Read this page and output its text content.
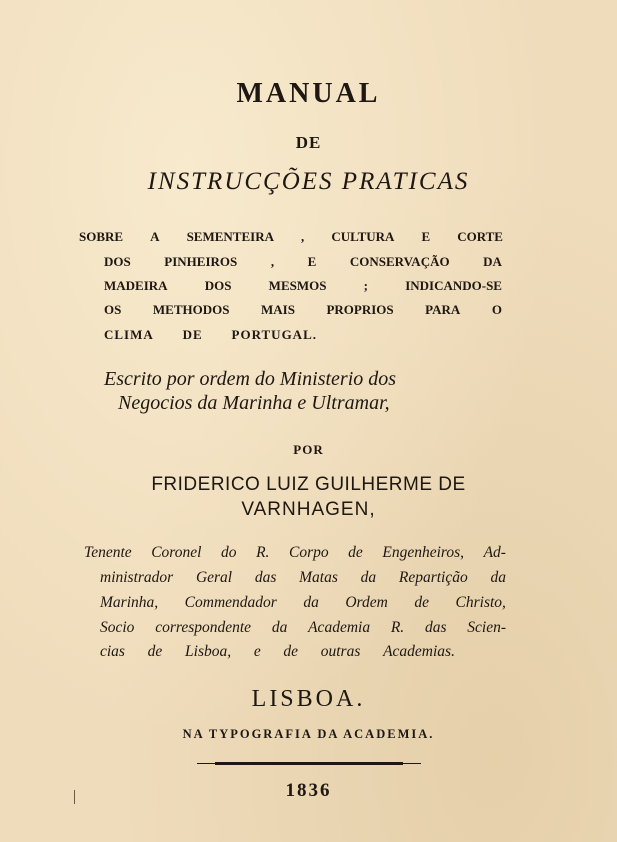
MANUAL
DE
INSTRUCÇÕES PRATICAS
SOBRE A SEMENTEIRA , CULTURA E CORTE
DOS	PINHEIROS	,	E	CONSERVAÇÃO	DA
MADEIRA	DOS	MESMOS	;	INDICANDO-SE
OS METHODOS MAIS PROPRIOS PARA O
CLIMA DE PORTUGAL.
Escrito por ordem do Ministerio dos
Negocios da Marinha e Ultramar,
POR
FRIDERICO LUIZ GUILHERME DE
VARNHAGEN,
Tenente Coronel do R. Corpo de Engenheiros, Ad-
ministrador Geral das Matas da Repartição da
Marinha, Commendador da Ordem de Christo,
Socio correspondente da Academia R. das Scien-
cias de Lisboa, e de outras Academias.
LISBOA.
NA TYPOGRAFIA DA ACADEMIA.
1836
